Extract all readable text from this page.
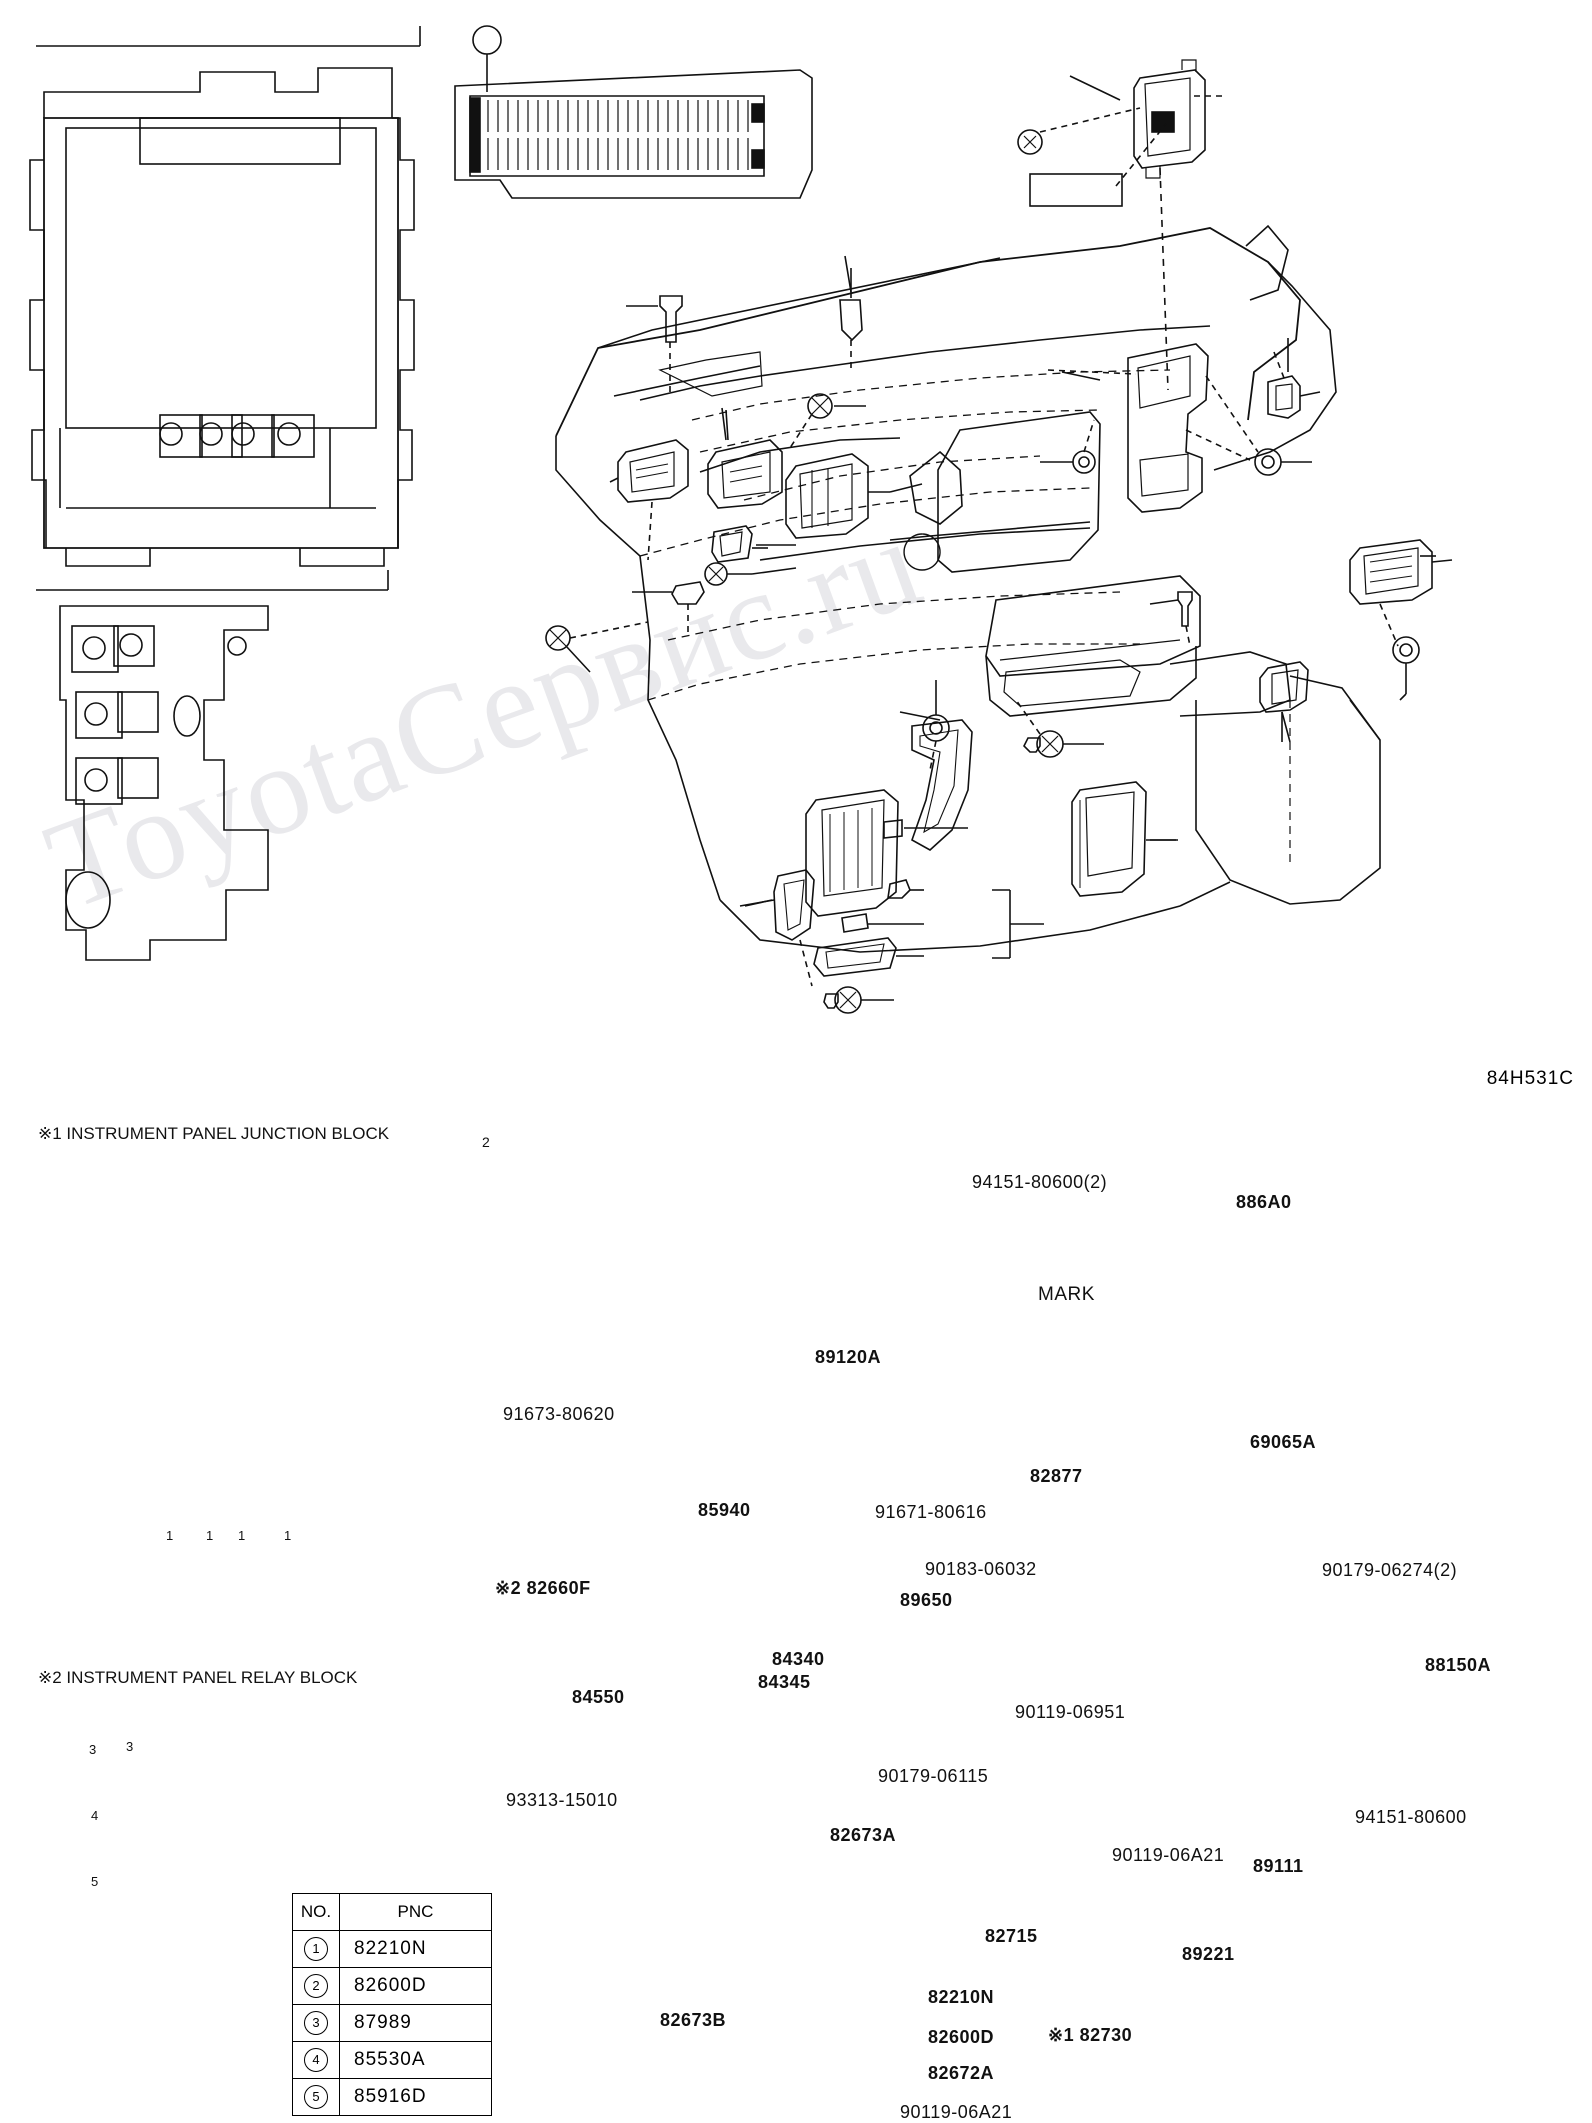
ToyotaСервис.ru
※1 INSTRUMENT PANEL JUNCTION BLOCK
※2 INSTRUMENT PANEL RELAY BLOCK
MARK
1 1 1	1
2
3 3
4
5
94151-80600(2)
886A0
89120A
69065A
91673-80620
82877
85940	91671-80616
90183-06032	90179-06274(2)
※2 82660F
89650
88150A
84340
84345
84550
90119-06951
94151-80600
90179-06115
93313-15010
82673A
90119-06A21
89111
82715
89221
82673B
82210N
82600D	※1 82730
82672A
90119-06A21
NO.	PNC
1	82210N
2	82600D
3	87989
4	85530A
5	85916D
84H531C
